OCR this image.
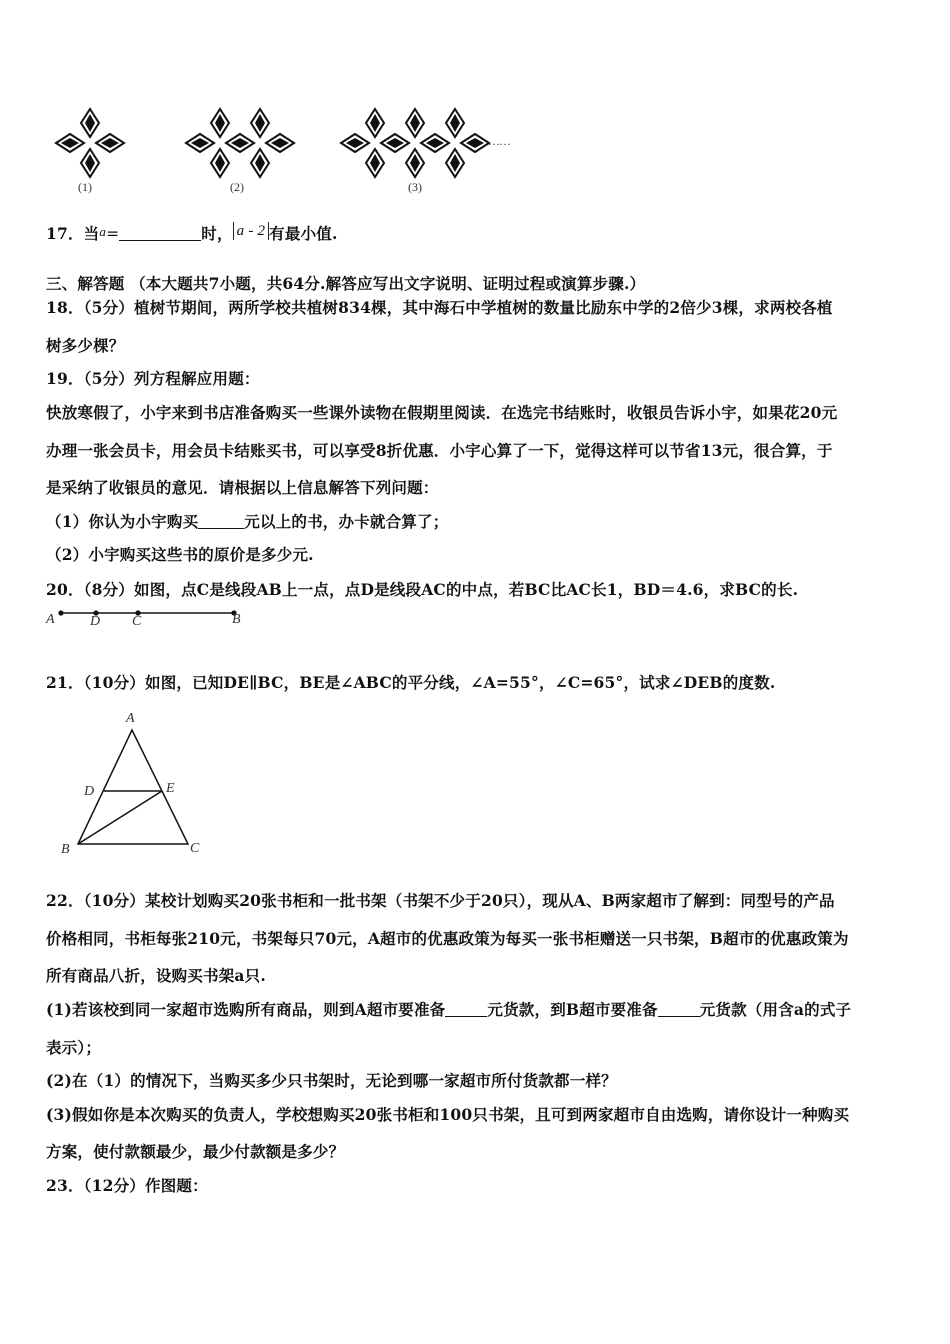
(1)	(2)	(3)
……
17．当a=	时， a - 2 有最小值.
三、解答题 （本大题共7小题，共64分.解答应写出文字说明、证明过程或演算步骤.）
18．（5分）植树节期间，两所学校共植树834棵，其中海石中学植树的数量比励东中学的2倍少3棵，求两校各植
树多少棵？
19．（5分）列方程解应用题：
快放寒假了，小宇来到书店准备购买一些课外读物在假期里阅读．在选完书结账时，收银员告诉小宇，如果花20元
办理一张会员卡，用会员卡结账买书，可以享受8折优惠．小宇心算了一下，觉得这样可以节省13元，很合算，于
是采纳了收银员的意见．请根据以上信息解答下列问题：
（1）你认为小宇购买	元以上的书，办卡就合算了；
（2）小宇购买这些书的原价是多少元.
20．（8分）如图，点C是线段AB上一点，点D是线段AC的中点，若BC比AC长1，BD＝4.6，求BC的长.
A	D C	B
21．（10分）如图，已知DE∥BC，BE是∠ABC的平分线，∠A=55°，∠C=65°，试求∠DEB的度数.
A
D	E
B	C
22．（10分）某校计划购买20张书柜和一批书架（书架不少于20只），现从A、B两家超市了解到：同型号的产品
价格相同，书柜每张210元，书架每只70元，A超市的优惠政策为每买一张书柜赠送一只书架，B超市的优惠政策为
所有商品八折，设购买书架a只.
(1)若该校到同一家超市选购所有商品，则到A超市要准备	元货款，到B超市要准备	元货款（用含a的式子
表示）；
(2)在（1）的情况下，当购买多少只书架时，无论到哪一家超市所付货款都一样？
(3)假如你是本次购买的负责人，学校想购买20张书柜和100只书架，且可到两家超市自由选购，请你设计一种购买
方案，使付款额最少，最少付款额是多少？
23．（12分）作图题：
